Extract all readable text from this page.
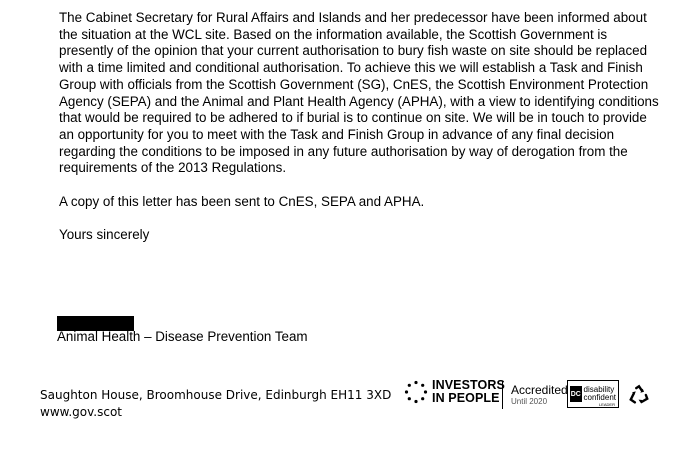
The Cabinet Secretary for Rural Affairs and Islands and her predecessor have been informed about the situation at the WCL site. Based on the information available, the Scottish Government is presently of the opinion that your current authorisation to bury fish waste on site should be replaced with a time limited and conditional authorisation. To achieve this we will establish a Task and Finish Group with officials from the Scottish Government (SG), CnES, the Scottish Environment Protection Agency (SEPA) and the Animal and Plant Health Agency (APHA), with a view to identifying conditions that would be required to be adhered to if burial is to continue on site. We will be in touch to provide an opportunity for you to meet with the Task and Finish Group in advance of any final decision regarding the conditions to be imposed in any future authorisation by way of derogation from the requirements of the 2013 Regulations.

A copy of this letter has been sent to CnES, SEPA and APHA.

Yours sincerely

Animal Health – Disease Prevention Team
Saughton House, Broomhouse Drive, Edinburgh EH11 3XD
www.gov.scot
INVESTORS
IN PEOPLE
Accredited
Until 2020
DC disability
confident
LEADER
